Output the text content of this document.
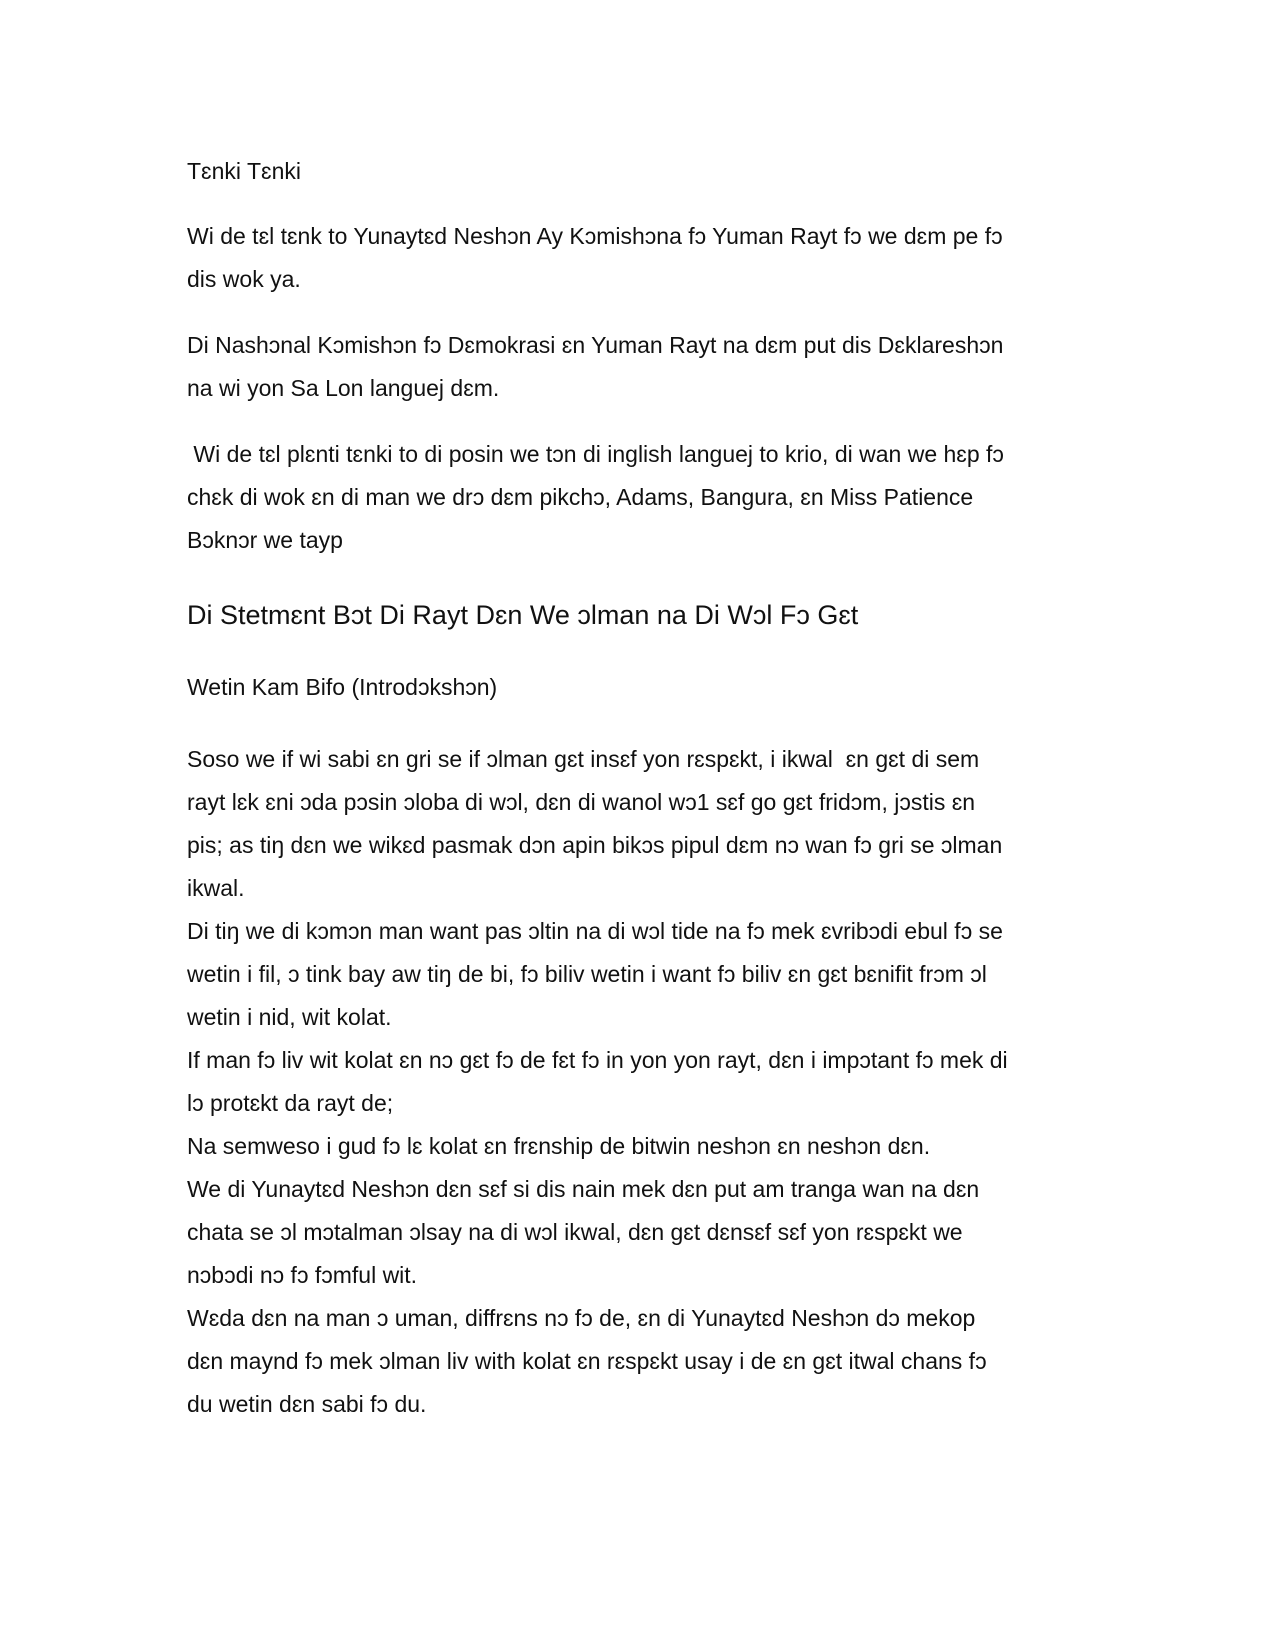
Tɛnki Tɛnki

Wi de tɛl tɛnk to Yunaytɛd Neshɔn Ay Kɔmishɔna fɔ Yuman Rayt fɔ we dɛm pe fɔ

dis wok ya.

Di Nashɔnal Kɔmishɔn fɔ Dɛmokrasi ɛn Yuman Rayt na dɛm put dis Dɛklareshɔn

na wi yon Sa Lon languej dɛm.

Wi de tɛl plɛnti tɛnki to di posin we tɔn di inglish languej to krio, di wan we hɛp fɔ

chɛk di wok ɛn di man we drɔ dɛm pikchɔ, Adams, Bangura, ɛn Miss Patience

Bɔknɔr we tayp

Di Stetmɛnt Bɔt Di Rayt Dɛn We ɔlman na Di Wɔl Fɔ Gɛt
Wetin Kam Bifo (Introdɔkshɔn)

Soso we if wi sabi ɛn gri se if ɔlman gɛt insɛf yon rɛspɛkt, i ikwal  ɛn gɛt di sem

rayt lɛk ɛni ɔda pɔsin ɔloba di wɔl, dɛn di wanol wɔ1 sɛf go gɛt fridɔm, jɔstis ɛn

pis; as tiŋ dɛn we wikɛd pasmak dɔn apin bikɔs pipul dɛm nɔ wan fɔ gri se ɔlman

ikwal.

Di tiŋ we di kɔmɔn man want pas ɔltin na di wɔl tide na fɔ mek ɛvribɔdi ebul fɔ se

wetin i fil, ɔ tink bay aw tiŋ de bi, fɔ biliv wetin i want fɔ biliv ɛn gɛt bɛnifit frɔm ɔl

wetin i nid, wit kolat.

If man fɔ liv wit kolat ɛn nɔ gɛt fɔ de fɛt fɔ in yon yon rayt, dɛn i impɔtant fɔ mek di

lɔ protɛkt da rayt de;

Na semweso i gud fɔ lɛ kolat ɛn frɛnship de bitwin neshɔn ɛn neshɔn dɛn.

We di Yunaytɛd Neshɔn dɛn sɛf si dis nain mek dɛn put am tranga wan na dɛn

chata se ɔl mɔtalman ɔlsay na di wɔl ikwal, dɛn gɛt dɛnsɛf sɛf yon rɛspɛkt we

nɔbɔdi nɔ fɔ fɔmful wit.

Wɛda dɛn na man ɔ uman, diffrɛns nɔ fɔ de, ɛn di Yunaytɛd Neshɔn dɔ mekop

dɛn maynd fɔ mek ɔlman liv with kolat ɛn rɛspɛkt usay i de ɛn gɛt itwal chans fɔ

du wetin dɛn sabi fɔ du.
